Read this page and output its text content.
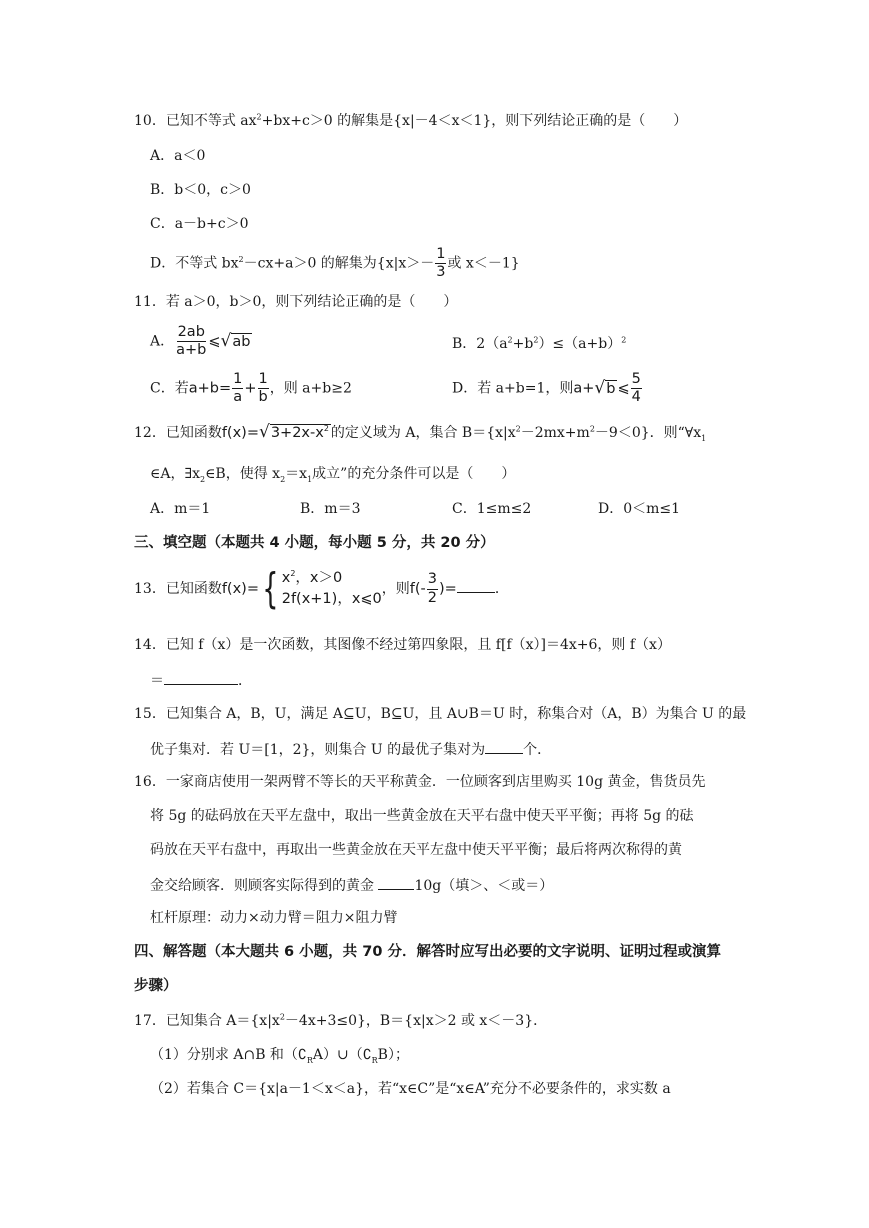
10．已知不等式 $ax^2+bx+c>0$ 的解集是{x|－4＜x＜1}，则下列结论正确的是（　　）
A．a＜0
B．b＜0，c＞0
C．a－b+c＞0
D．不等式 $bx^2-cx+a>0$ 的解集为{$x|x>- \frac{1}{3}$ 或 x＜－1}
11．若 a＞0，b＞0，则下列结论正确的是（　　）
A． $\frac{2ab}{a+b}$ ⩽ √ ab	B．$2(a^2+b^2)\le(a+b)^2$
C．若$a+b= \frac{1}{a} + \frac{1}{b}$ ，则 a+b≥2	D．若 a+b=1，则a+ √ b ⩽ $\frac{5}{4}$
12．已知函数f(x)= √ $3+2x-x^2$ 的定义域为 A，集合 $B=\{x|x^2-2mx+m^2-9<0\}$．则“$\forall x_1$
∈A，$\exists x_2\in B$，使得 $x_2=x_1$成立”的充分条件可以是（　　）
A．m＝1	B．m＝3	C．1≤m≤2	D．0＜m≤1
三、填空题（本题共 4 小题，每小题 5 分，共 20 分）
13．已知函数f(x)={ $x^2$，x＞0
2f(x+1)，x⩽0
，则$f(- \frac{3}{2}$ )=	．
14．已知 f（x）是一次函数，其图像不经过第四象限，且 f[f（x）]＝4x+6，则 f（x）
＝	．
15．已知集合 A，B，U，满足 A⊆U，B⊆U，且 A∪B＝U 时，称集合对（A，B）为集合 U 的最
优子集对．若 U＝[1，2}，则集合 U 的最优子集对为	个．
16．一家商店使用一架两臂不等长的天平称黄金．一位顾客到店里购买 10g 黄金，售货员先
将 5g 的砝码放在天平左盘中，取出一些黄金放在天平右盘中使天平平衡；再将 5g 的砝
码放在天平右盘中，再取出一些黄金放在天平左盘中使天平平衡；最后将两次称得的黄
金交给顾客．则顾客实际得到的黄金	10g（填＞、＜或＝）
杠杆原理：动力×动力臂＝阻力×阻力臂
四、解答题（本大题共 6 小题，共 70 分．解答时应写出必要的文字说明、证明过程或演算
步骤）
17．已知集合 $A=\{x|x^2-4x+3\le 0\}$，B＝{x|x＞2 或 x＜－3}．
（1）分别求 A∩B 和$(∁_RA)\cup(∁_RB)$；
（2）若集合 C＝{x|a－1＜x＜a}，若“x∈C”是“x∈A”充分不必要条件的，求实数 a
